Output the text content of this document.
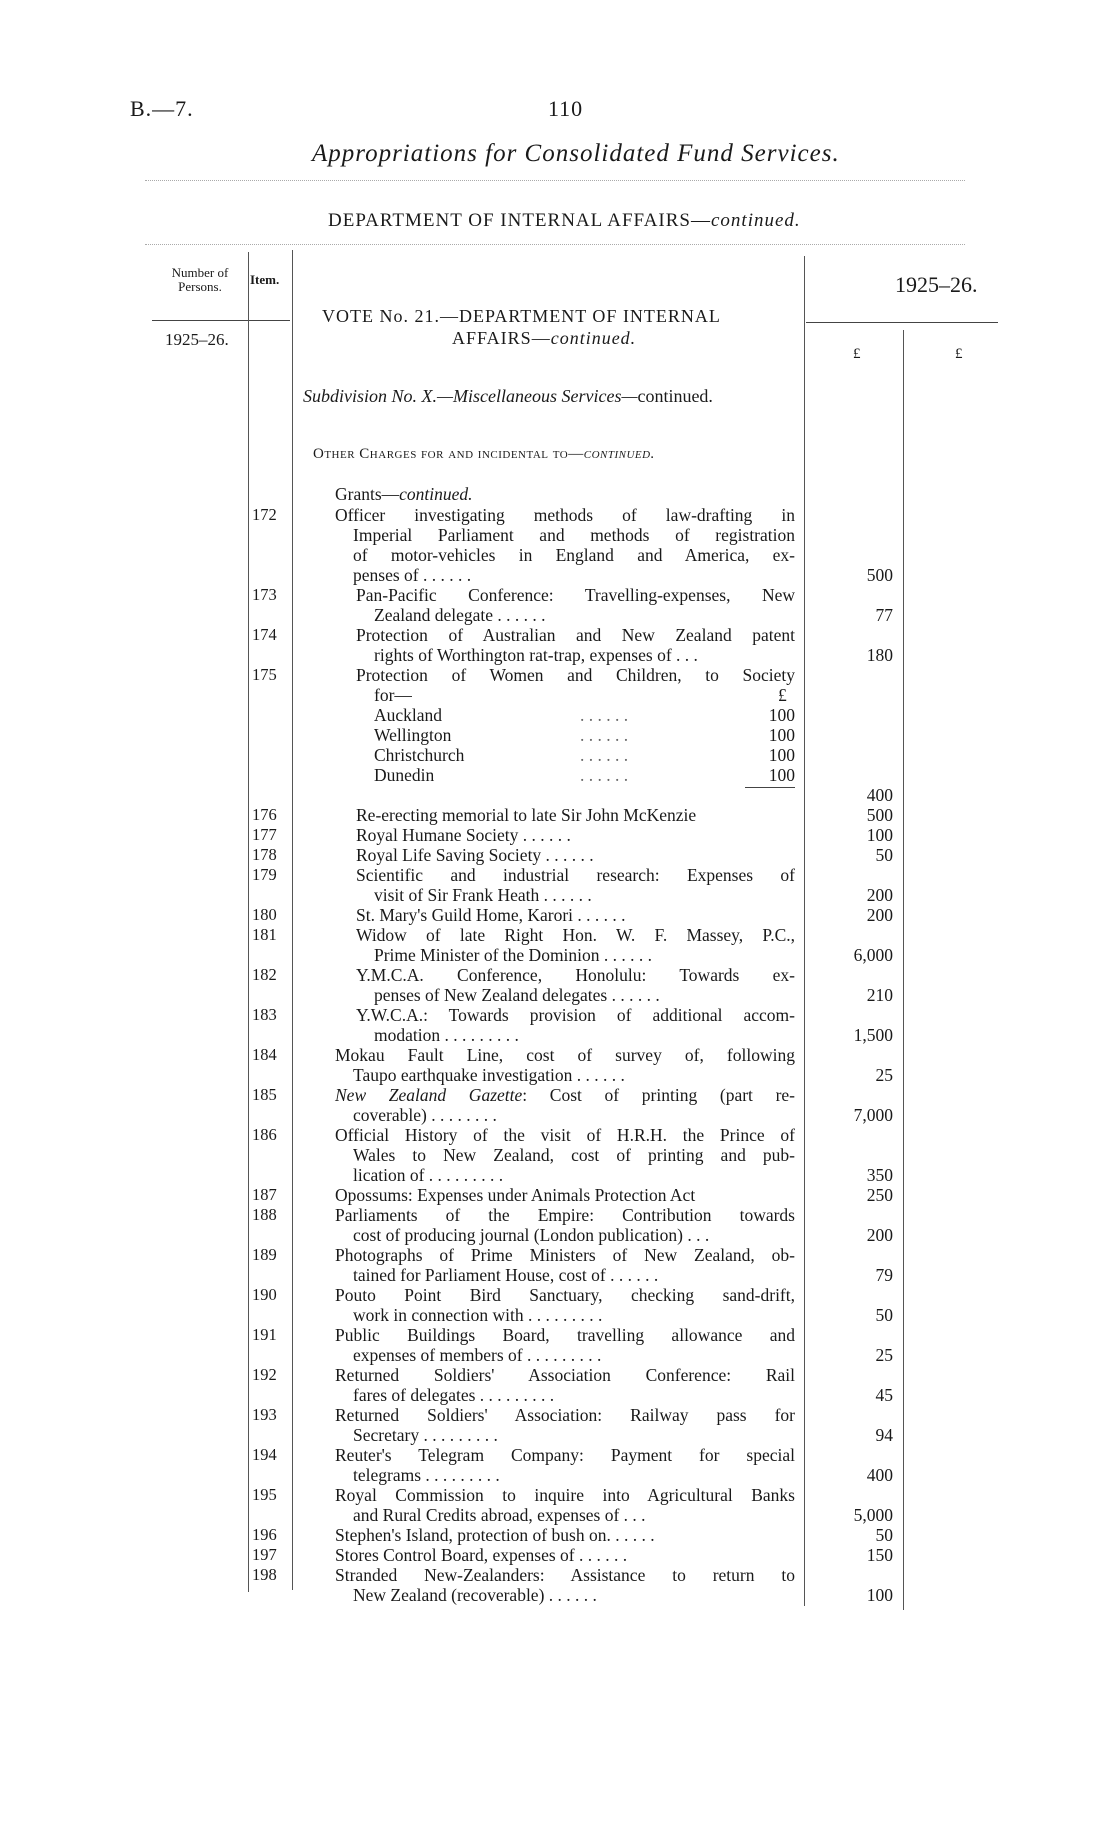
B.—7.	110
Appropriations for Consolidated Fund Services.
DEPARTMENT OF INTERNAL AFFAIRS—continued.
Number of Persons.	Item.	1925–26.
1925–26.
£	£
VOTE No. 21.—DEPARTMENT OF INTERNAL
AFFAIRS—continued.
Subdivision No. X.—Miscellaneous Services—continued.
Other Charges for and incidental to—continued.
Grants—continued.
172	Officer investigating methods of law-drafting in
Imperial Parliament and methods of registration
of motor-vehicles in England and America, ex-
penses of . . . . . .	500
173	Pan-Pacific Conference: Travelling-expenses, New
Zealand delegate . . . . . .	77
174	Protection of Australian and New Zealand patent
rights of Worthington rat-trap, expenses of . . .	180
175	Protection of Women and Children, to Society
for—	£
Auckland	. . . . . .	100
Wellington	. . . . . .	100
Christchurch	. . . . . .	100
Dunedin	. . . . . .	100
400
176	Re-erecting memorial to late Sir John McKenzie	500
177	Royal Humane Society . . . . . .	100
178	Royal Life Saving Society . . . . . .	50
179	Scientific and industrial research: Expenses of
visit of Sir Frank Heath . . . . . .	200
180	St. Mary's Guild Home, Karori . . . . . .	200
181	Widow of late Right Hon. W. F. Massey, P.C.,
Prime Minister of the Dominion . . . . . .	6,000
182	Y.M.C.A. Conference, Honolulu: Towards ex-
penses of New Zealand delegates . . . . . .	210
183	Y.W.C.A.: Towards provision of additional accom-
modation . . . . . . . . .	1,500
184	Mokau Fault Line, cost of survey of, following
Taupo earthquake investigation . . . . . .	25
185	New Zealand Gazette: Cost of printing (part re-
coverable) . . . . . . . .	7,000
186	Official History of the visit of H.R.H. the Prince of
Wales to New Zealand, cost of printing and pub-
lication of . . . . . . . . .	350
187	Opossums: Expenses under Animals Protection Act	250
188	Parliaments of the Empire: Contribution towards
cost of producing journal (London publication) . . .	200
189	Photographs of Prime Ministers of New Zealand, ob-
tained for Parliament House, cost of . . . . . .	79
190	Pouto Point Bird Sanctuary, checking sand-drift,
work in connection with . . . . . . . . .	50
191	Public Buildings Board, travelling allowance and
expenses of members of . . . . . . . . .	25
192	Returned Soldiers' Association Conference: Rail
fares of delegates . . . . . . . . .	45
193	Returned Soldiers' Association: Railway pass for
Secretary . . . . . . . . .	94
194	Reuter's Telegram Company: Payment for special
telegrams . . . . . . . . .	400
195	Royal Commission to inquire into Agricultural Banks
and Rural Credits abroad, expenses of . . .	5,000
196	Stephen's Island, protection of bush on. . . . . .	50
197	Stores Control Board, expenses of . . . . . .	150
198	Stranded New-Zealanders: Assistance to return to
New Zealand (recoverable) . . . . . .	100
